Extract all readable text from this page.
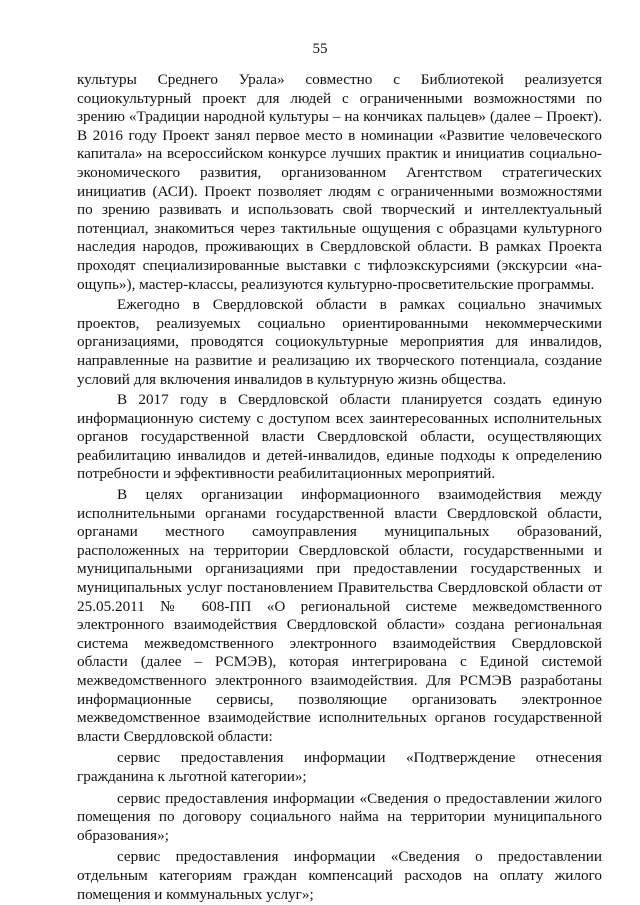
55

культуры Среднего Урала» совместно с Библиотекой реализуется социокультурный проект для людей с ограниченными возможностями по зрению «Традиции народной культуры – на кончиках пальцев» (далее – Проект). В 2016 году Проект занял первое место в номинации «Развитие человеческого капитала» на всероссийском конкурсе лучших практик и инициатив социально-экономического развития, организованном Агентством стратегических инициатив (АСИ). Проект позволяет людям с ограниченными возможностями по зрению развивать и использовать свой творческий и интеллектуальный потенциал, знакомиться через тактильные ощущения с образцами культурного наследия народов, проживающих в Свердловской области. В рамках Проекта проходят специализированные выставки с тифлоэкскурсиями (экскурсии «на-ощупь»), мастер-классы, реализуются культурно-просветительские программы.

Ежегодно в Свердловской области в рамках социально значимых проектов, реализуемых социально ориентированными некоммерческими организациями, проводятся социокультурные мероприятия для инвалидов, направленные на развитие и реализацию их творческого потенциала, создание условий для включения инвалидов в культурную жизнь общества.

В 2017 году в Свердловской области планируется создать единую информационную систему с доступом всех заинтересованных исполнительных органов государственной власти Свердловской области, осуществляющих реабилитацию инвалидов и детей-инвалидов, единые подходы к определению потребности и эффективности реабилитационных мероприятий.

В целях организации информационного взаимодействия между исполнительными органами государственной власти Свердловской области, органами местного самоуправления муниципальных образований, расположенных на территории Свердловской области, государственными и муниципальными организациями при предоставлении государственных и муниципальных услуг постановлением Правительства Свердловской области от 25.05.2011 № 608-ПП «О региональной системе межведомственного электронного взаимодействия Свердловской области» создана региональная система межведомственного электронного взаимодействия Свердловской области (далее – РСМЭВ), которая интегрирована с Единой системой межведомственного электронного взаимодействия. Для РСМЭВ разработаны информационные сервисы, позволяющие организовать электронное межведомственное взаимодействие исполнительных органов государственной власти Свердловской области:

сервис предоставления информации «Подтверждение отнесения гражданина к льготной категории»;

сервис предоставления информации «Сведения о предоставлении жилого помещения по договору социального найма на территории муниципального образования»;

сервис предоставления информации «Сведения о предоставлении отдельным категориям граждан компенсаций расходов на оплату жилого помещения и коммунальных услуг»;
